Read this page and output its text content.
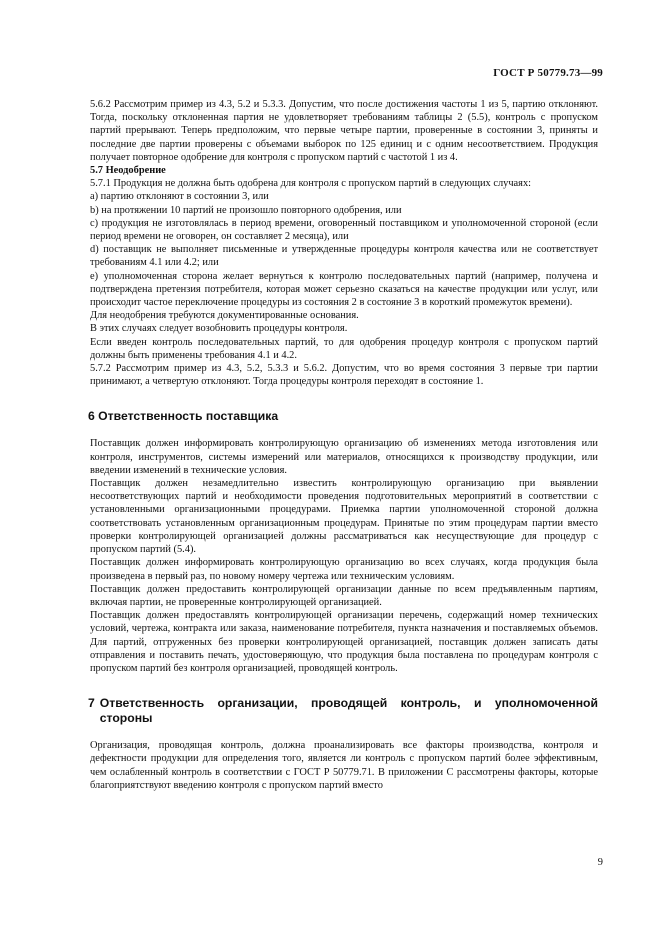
ГОСТ Р 50779.73—99

5.6.2 Рассмотрим пример из 4.3, 5.2 и 5.3.3. Допустим, что после достижения частоты 1 из 5, партию отклоняют. Тогда, поскольку отклоненная партия не удовлетворяет требованиям таблицы 2 (5.5), контроль с пропуском партий прерывают. Теперь предположим, что первые четыре партии, проверенные в состоянии 3, приняты и последние две партии проверены с объемами выборок по 125 единиц и с одним несоответствием. Продукция получает повторное одобрение для контроля с пропуском партий с частотой 1 из 4.

5.7 Неодобрение

5.7.1 Продукция не должна быть одобрена для контроля с пропуском партий в следующих случаях:

a) партию отклоняют в состоянии 3, или

b) на протяжении 10 партий не произошло повторного одобрения, или

c) продукция не изготовлялась в период времени, оговоренный поставщиком и уполномоченной стороной (если период времени не оговорен, он составляет 2 месяца), или

d) поставщик не выполняет письменные и утвержденные процедуры контроля качества или не соответствует требованиям 4.1 или 4.2; или

e) уполномоченная сторона желает вернуться к контролю последовательных партий (например, получена и подтверждена претензия потребителя, которая может серьезно сказаться на качестве продукции или услуг, или происходит частое переключение процедуры из состояния 2 в состояние 3 в короткий промежуток времени).

Для неодобрения требуются документированные основания.

В этих случаях следует возобновить процедуры контроля.

Если введен контроль последовательных партий, то для одобрения процедур контроля с пропуском партий должны быть применены требования 4.1 и 4.2.

5.7.2 Рассмотрим пример из 4.3, 5.2, 5.3.3 и 5.6.2. Допустим, что во время состояния 3 первые три партии принимают, а четвертую отклоняют. Тогда процедуры контроля переходят в состояние 1.

6 Ответственность поставщика

Поставщик должен информировать контролирующую организацию об изменениях метода изготовления или контроля, инструментов, системы измерений или материалов, относящихся к производству продукции, или введении изменений в технические условия.

Поставщик должен незамедлительно известить контролирующую организацию при выявлении несоответствующих партий и необходимости проведения подготовительных мероприятий в соответствии с установленными организационными процедурами. Приемка партии уполномоченной стороной должна соответствовать установленным организационным процедурам. Принятые по этим процедурам партии вместо проверки контролирующей организацией должны рассматриваться как несуществующие для процедур с пропуском партий (5.4).

Поставщик должен информировать контролирующую организацию во всех случаях, когда продукция была произведена в первый раз, по новому номеру чертежа или техническим условиям.

Поставщик должен предоставить контролирующей организации данные по всем предъявленным партиям, включая партии, не проверенные контролирующей организацией.

Поставщик должен предоставлять контролирующей организации перечень, содержащий номер технических условий, чертежа, контракта или заказа, наименование потребителя, пункта назначения и поставляемых объемов. Для партий, отгруженных без проверки контролирующей организацией, поставщик должен записать даты отправления и поставить печать, удостоверяющую, что продукция была поставлена по процедурам контроля с пропуском партий без контроля организацией, проводящей контроль.

7 Ответственность организации, проводящей контроль, и уполномоченной стороны

Организация, проводящая контроль, должна проанализировать все факторы производства, контроля и дефектности продукции для определения того, является ли контроль с пропуском партий более эффективным, чем ослабленный контроль в соответствии с ГОСТ Р 50779.71. В приложении С рассмотрены факторы, которые благоприятствуют введению контроля с пропуском партий вместо

9
